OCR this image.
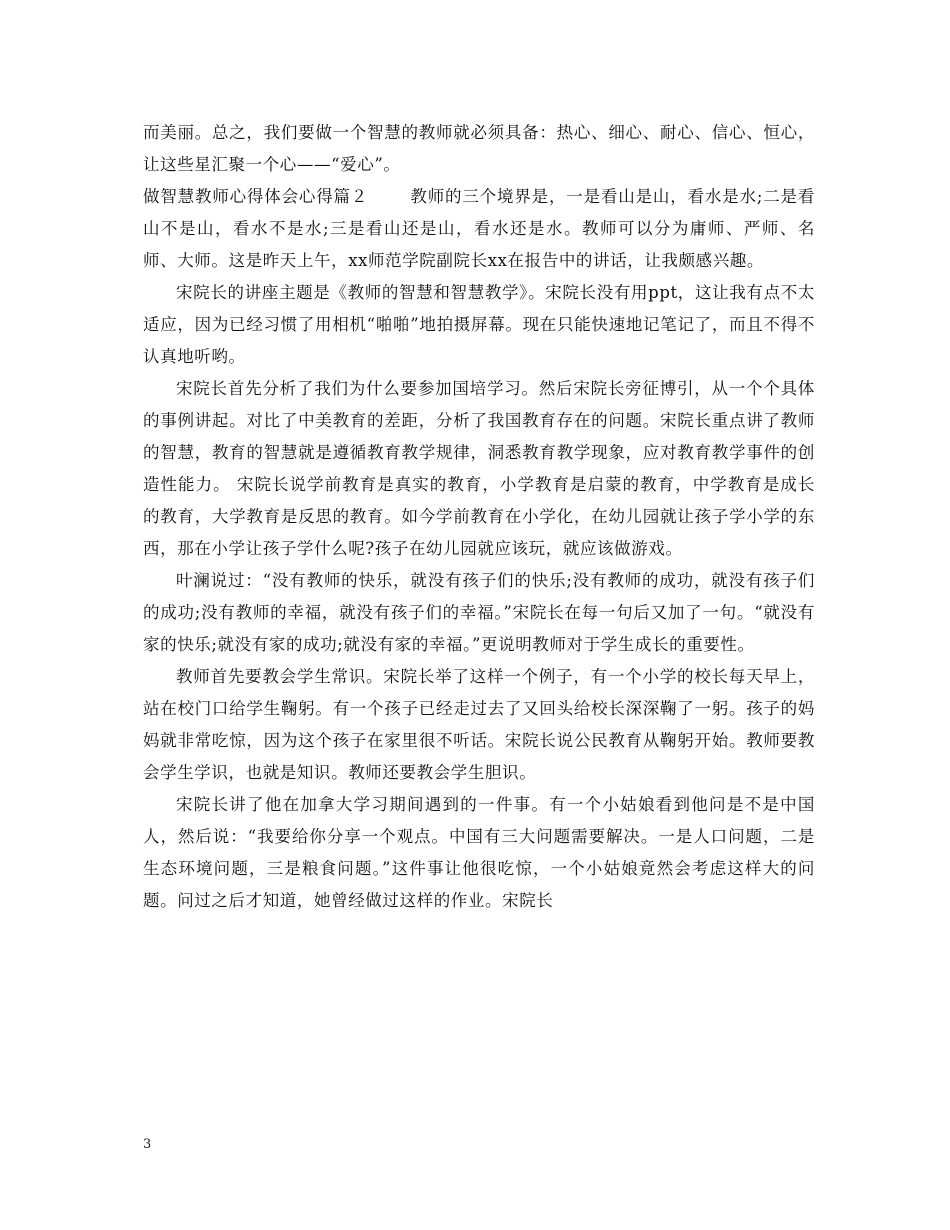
而美丽。总之，我们要做一个智慧的教师就必须具备：热心、细心、耐心、信心、恒心，让这些星汇聚一个心——“爱心”。

做智慧教师心得体会心得篇２	教师的三个境界是，一是看山是山，看水是水;二是看山不是山，看水不是水;三是看山还是山，看水还是水。教师可以分为庸师、严师、名师、大师。这是昨天上午，xx师范学院副院长xx在报告中的讲话，让我颇感兴趣。

宋院长的讲座主题是《教师的智慧和智慧教学》。宋院长没有用ppt，这让我有点不太适应，因为已经习惯了用相机“啪啪”地拍摄屏幕。现在只能快速地记笔记了，而且不得不认真地听哟。

宋院长首先分析了我们为什么要参加国培学习。然后宋院长旁征博引，从一个个具体的事例讲起。对比了中美教育的差距，分析了我国教育存在的问题。宋院长重点讲了教师的智慧，教育的智慧就是遵循教育教学规律，洞悉教育教学现象，应对教育教学事件的创造性能力。 宋院长说学前教育是真实的教育，小学教育是启蒙的教育，中学教育是成长的教育，大学教育是反思的教育。如今学前教育在小学化，在幼儿园就让孩子学小学的东西，那在小学让孩子学什么呢?孩子在幼儿园就应该玩，就应该做游戏。

叶澜说过：“没有教师的快乐，就没有孩子们的快乐;没有教师的成功，就没有孩子们的成功;没有教师的幸福，就没有孩子们的幸福。”宋院长在每一句后又加了一句。“就没有家的快乐;就没有家的成功;就没有家的幸福。”更说明教师对于学生成长的重要性。

教师首先要教会学生常识。宋院长举了这样一个例子，有一个小学的校长每天早上，站在校门口给学生鞠躬。有一个孩子已经走过去了又回头给校长深深鞠了一躬。孩子的妈妈就非常吃惊，因为这个孩子在家里很不听话。宋院长说公民教育从鞠躬开始。教师要教会学生学识，也就是知识。教师还要教会学生胆识。

宋院长讲了他在加拿大学习期间遇到的一件事。有一个小姑娘看到他问是不是中国人，然后说：“我要给你分享一个观点。中国有三大问题需要解决。一是人口问题，二是生态环境问题，三是粮食问题。”这件事让他很吃惊，一个小姑娘竟然会考虑这样大的问题。问过之后才知道，她曾经做过这样的作业。宋院长

3
